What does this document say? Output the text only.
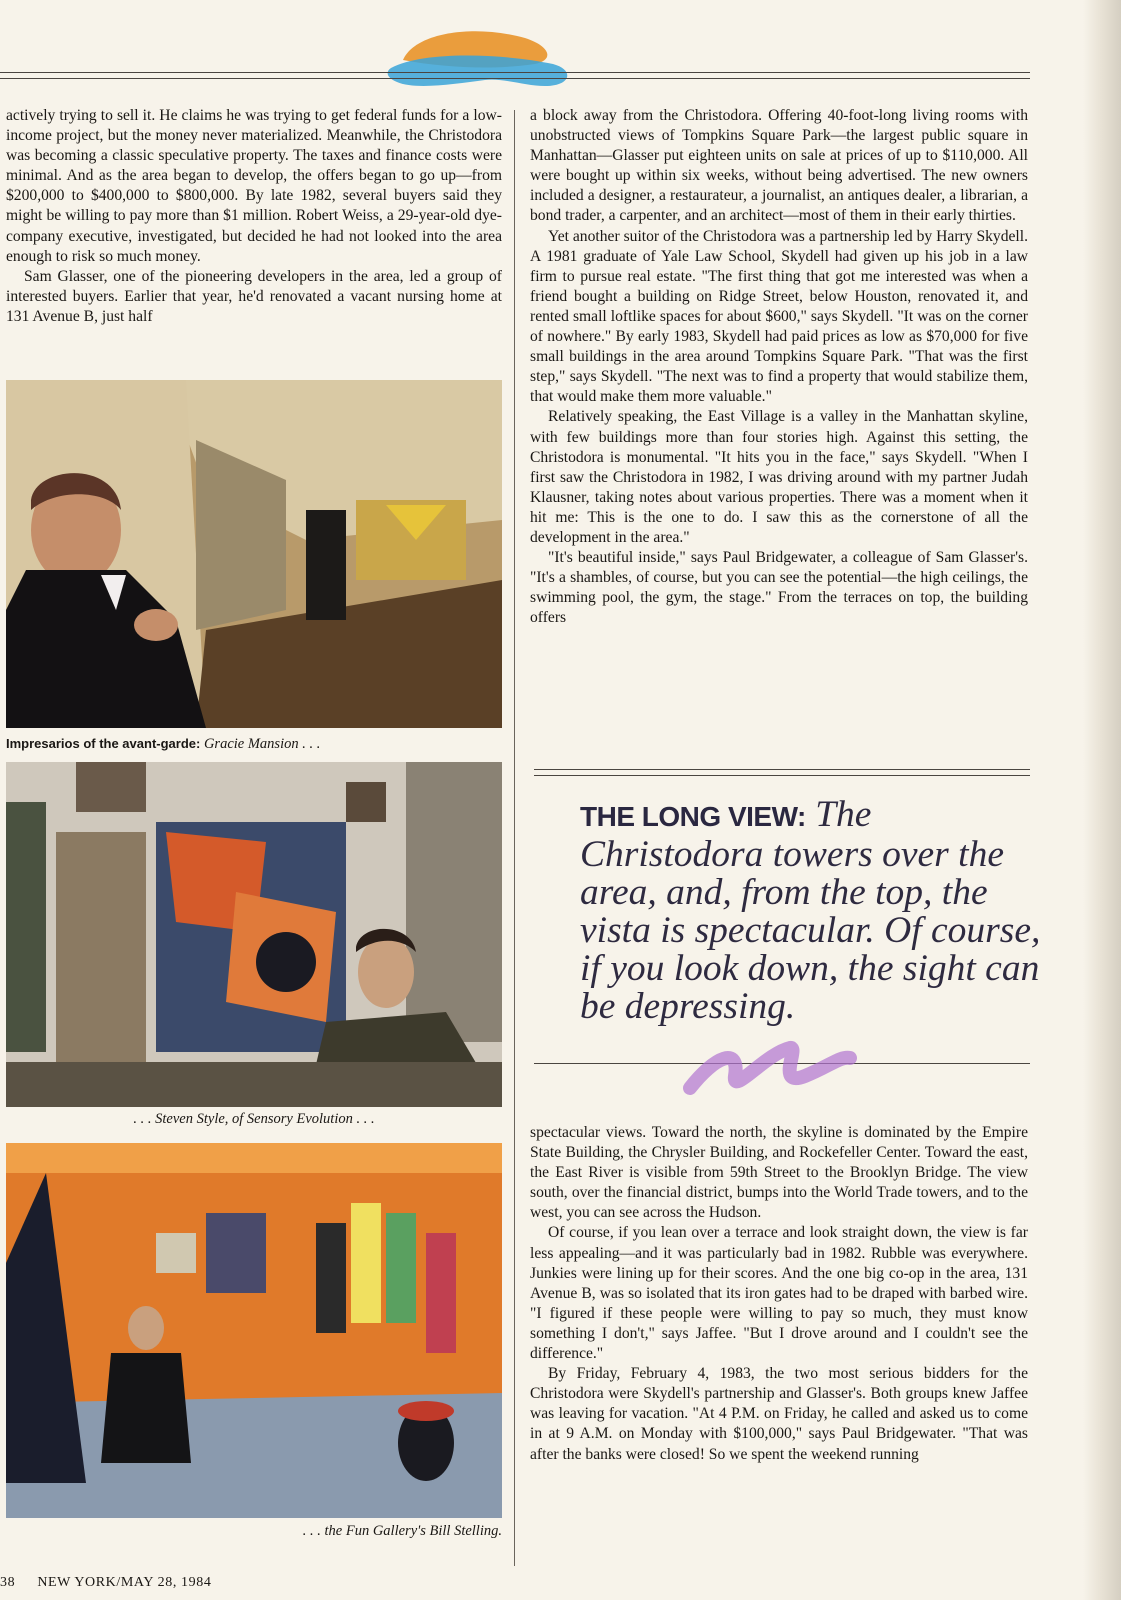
actively trying to sell it. He claims he was trying to get federal funds for a low-income project, but the money never materialized. Meanwhile, the Christodora was becoming a classic speculative property. The taxes and finance costs were minimal. And as the area began to develop, the offers began to go up—from $200,000 to $400,000 to $800,000. By late 1982, several buyers said they might be willing to pay more than $1 million. Robert Weiss, a 29-year-old dye-company executive, investigated, but decided he had not looked into the area enough to risk so much money.

Sam Glasser, one of the pioneering developers in the area, led a group of interested buyers. Earlier that year, he'd renovated a vacant nursing home at 131 Avenue B, just half

Impresarios of the avant-garde: Gracie Mansion . . .
. . . Steven Style, of Sensory Evolution . . .
. . . the Fun Gallery's Bill Stelling.

a block away from the Christodora. Offering 40-foot-long living rooms with unobstructed views of Tompkins Square Park—the largest public square in Manhattan—Glasser put eighteen units on sale at prices of up to $110,000. All were bought up within six weeks, without being advertised. The new owners included a designer, a restaurateur, a journalist, an antiques dealer, a librarian, a bond trader, a carpenter, and an architect—most of them in their early thirties.

Yet another suitor of the Christodora was a partnership led by Harry Skydell. A 1981 graduate of Yale Law School, Skydell had given up his job in a law firm to pursue real estate. "The first thing that got me interested was when a friend bought a building on Ridge Street, below Houston, renovated it, and rented small loftlike spaces for about $600," says Skydell. "It was on the corner of nowhere." By early 1983, Skydell had paid prices as low as $70,000 for five small buildings in the area around Tompkins Square Park. "That was the first step," says Skydell. "The next was to find a property that would stabilize them, that would make them more valuable."

Relatively speaking, the East Village is a valley in the Manhattan skyline, with few buildings more than four stories high. Against this setting, the Christodora is monumental. "It hits you in the face," says Skydell. "When I first saw the Christodora in 1982, I was driving around with my partner Judah Klausner, taking notes about various properties. There was a moment when it hit me: This is the one to do. I saw this as the cornerstone of all the development in the area."

"It's beautiful inside," says Paul Bridgewater, a colleague of Sam Glasser's. "It's a shambles, of course, but you can see the potential—the high ceilings, the swimming pool, the gym, the stage." From the terraces on top, the building offers

THE LONG VIEW: The Christodora towers over the area, and, from the top, the vista is spectacular. Of course, if you look down, the sight can be depressing.

spectacular views. Toward the north, the skyline is dominated by the Empire State Building, the Chrysler Building, and Rockefeller Center. Toward the east, the East River is visible from 59th Street to the Brooklyn Bridge. The view south, over the financial district, bumps into the World Trade towers, and to the west, you can see across the Hudson.

Of course, if you lean over a terrace and look straight down, the view is far less appealing—and it was particularly bad in 1982. Rubble was everywhere. Junkies were lining up for their scores. And the one big co-op in the area, 131 Avenue B, was so isolated that its iron gates had to be draped with barbed wire. "I figured if these people were willing to pay so much, they must know something I don't," says Jaffee. "But I drove around and I couldn't see the difference."

By Friday, February 4, 1983, the two most serious bidders for the Christodora were Skydell's partnership and Glasser's. Both groups knew Jaffee was leaving for vacation. "At 4 P.M. on Friday, he called and asked us to come in at 9 A.M. on Monday with $100,000," says Paul Bridgewater. "That was after the banks were closed! So we spent the weekend running

38 NEW YORK/MAY 28, 1984
